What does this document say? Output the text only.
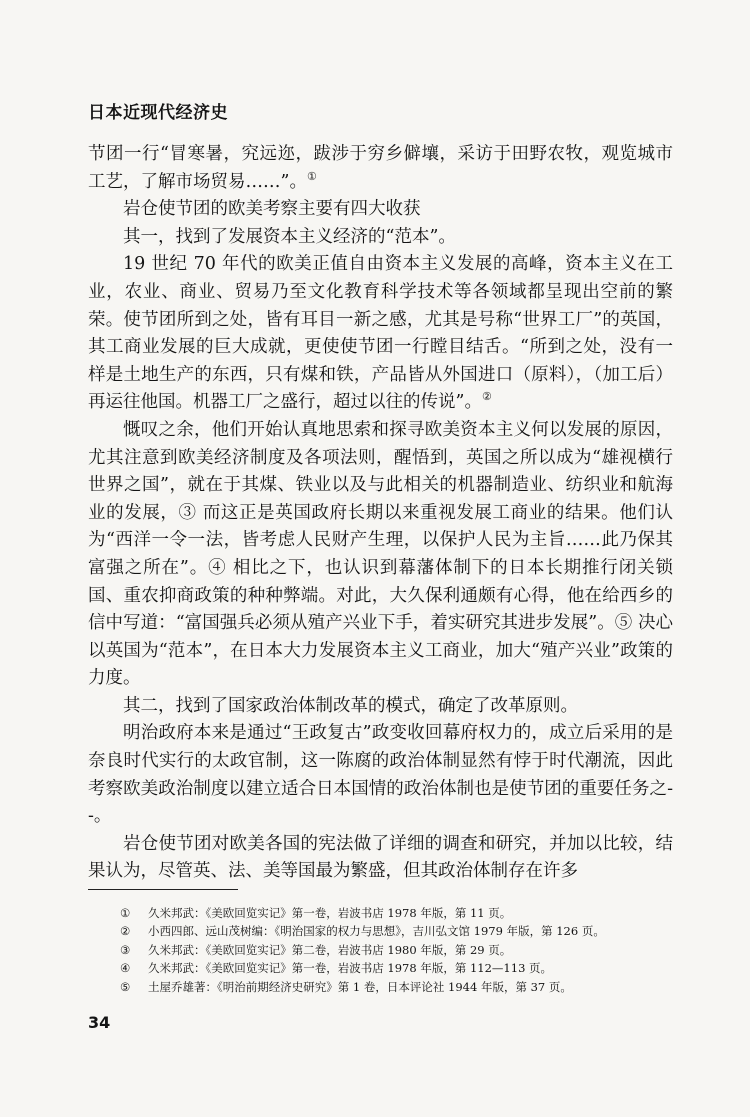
日本近现代经济史

节团一行“冒寒暑，究远迩，跋涉于穷乡僻壤，采访于田野农牧，观览城市工艺，了解市场贸易……”。①

岩仓使节团的欧美考察主要有四大收获

其一，找到了发展资本主义经济的“范本”。

19 世纪 70 年代的欧美正值自由资本主义发展的高峰，资本主义在工业，农业、商业、贸易乃至文化教育科学技术等各领域都呈现出空前的繁荣。使节团所到之处，皆有耳目一新之感，尤其是号称“世界工厂”的英国，其工商业发展的巨大成就，更使使节团一行瞠目结舌。“所到之处，没有一样是土地生产的东西，只有煤和铁，产品皆从外国进口（原料），（加工后）再运往他国。机器工厂之盛行，超过以往的传说”。②

慨叹之余，他们开始认真地思索和探寻欧美资本主义何以发展的原因，尤其注意到欧美经济制度及各项法则，醒悟到，英国之所以成为“雄视横行世界之国”，就在于其煤、铁业以及与此相关的机器制造业、纺织业和航海业的发展，③ 而这正是英国政府长期以来重视发展工商业的结果。他们认为“西洋一令一法，皆考虑人民财产生理，以保护人民为主旨……此乃保其富强之所在”。④ 相比之下，也认识到幕藩体制下的日本长期推行闭关锁国、重农抑商政策的种种弊端。对此，大久保利通颇有心得，他在给西乡的信中写道：“富国强兵必须从殖产兴业下手，着实研究其进步发展”。⑤ 决心以英国为“范本”，在日本大力发展资本主义工商业，加大“殖产兴业”政策的力度。

其二，找到了国家政治体制改革的模式，确定了改革原则。

明治政府本来是通过“王政复古”政变收回幕府权力的，成立后采用的是奈良时代实行的太政官制，这一陈腐的政治体制显然有悖于时代潮流，因此考察欧美政治制度以建立适合日本国情的政治体制也是使节团的重要任务之--。

岩仓使节团对欧美各国的宪法做了详细的调查和研究，并加以比较，结果认为，尽管英、法、美等国最为繁盛，但其政治体制存在许多

①	久米邦武：《美欧回览实记》第一卷，岩波书店 1978 年版，第 11 页。
②	小西四郎、远山茂树编：《明治国家的权力与思想》，吉川弘文馆 1979 年版，第 126 页。
③	久米邦武：《美欧回览实记》第二卷，岩波书店 1980 年版，第 29 页。
④	久米邦武：《美欧回览实记》第一卷，岩波书店 1978 年版，第 112—113 页。
⑤	土屋乔雄著：《明治前期经济史研究》第 1 卷，日本评论社 1944 年版，第 37 页。
34
